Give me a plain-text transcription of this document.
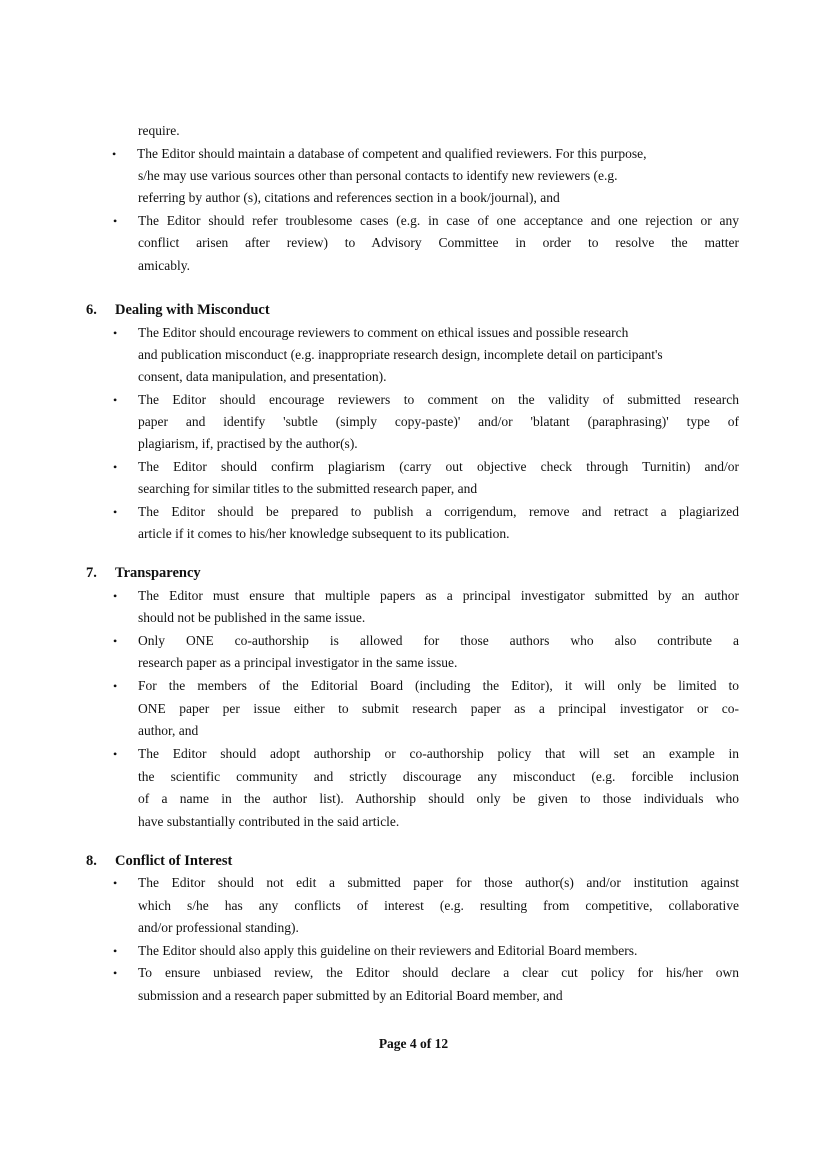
require.
• The Editor should maintain a database of competent and qualified reviewers. For this purpose,
s/he may use various sources other than personal contacts to identify new reviewers (e.g.
referring by author (s), citations and references section in a book/journal), and
• The Editor should refer troublesome cases (e.g. in case of one acceptance and one rejection or any
conflict arisen after review) to Advisory Committee in order to resolve the matter
amicably.
6. Dealing with Misconduct
• The Editor should encourage reviewers to comment on ethical issues and possible research
and publication misconduct (e.g. inappropriate research design, incomplete detail on participant's
consent, data manipulation, and presentation).
• The Editor should encourage reviewers to comment on the validity of submitted research
paper and identify 'subtle (simply copy-paste)' and/or 'blatant (paraphrasing)' type of
plagiarism, if, practised by the author(s).
• The Editor should confirm plagiarism (carry out objective check through Turnitin) and/or
searching for similar titles to the submitted research paper, and
• The Editor should be prepared to publish a corrigendum, remove and retract a plagiarized
article if it comes to his/her knowledge subsequent to its publication.
7. Transparency
• The Editor must ensure that multiple papers as a principal investigator submitted by an author
should not be published in the same issue.
• Only ONE co-authorship is allowed for those authors who also contribute a
research paper as a principal investigator in the same issue.
• For the members of the Editorial Board (including the Editor), it will only be limited to
ONE paper per issue either to submit research paper as a principal investigator or co-
author, and
• The Editor should adopt authorship or co-authorship policy that will set an example in
the scientific community and strictly discourage any misconduct (e.g. forcible inclusion
of a name in the author list). Authorship should only be given to those individuals who
have substantially contributed in the said article.
8. Conflict of Interest
• The Editor should not edit a submitted paper for those author(s) and/or institution against
which s/he has any conflicts of interest (e.g. resulting from competitive, collaborative
and/or professional standing).
• The Editor should also apply this guideline on their reviewers and Editorial Board members.
• To ensure unbiased review, the Editor should declare a clear cut policy for his/her own
submission and a research paper submitted by an Editorial Board member, and
Page 4 of 12
